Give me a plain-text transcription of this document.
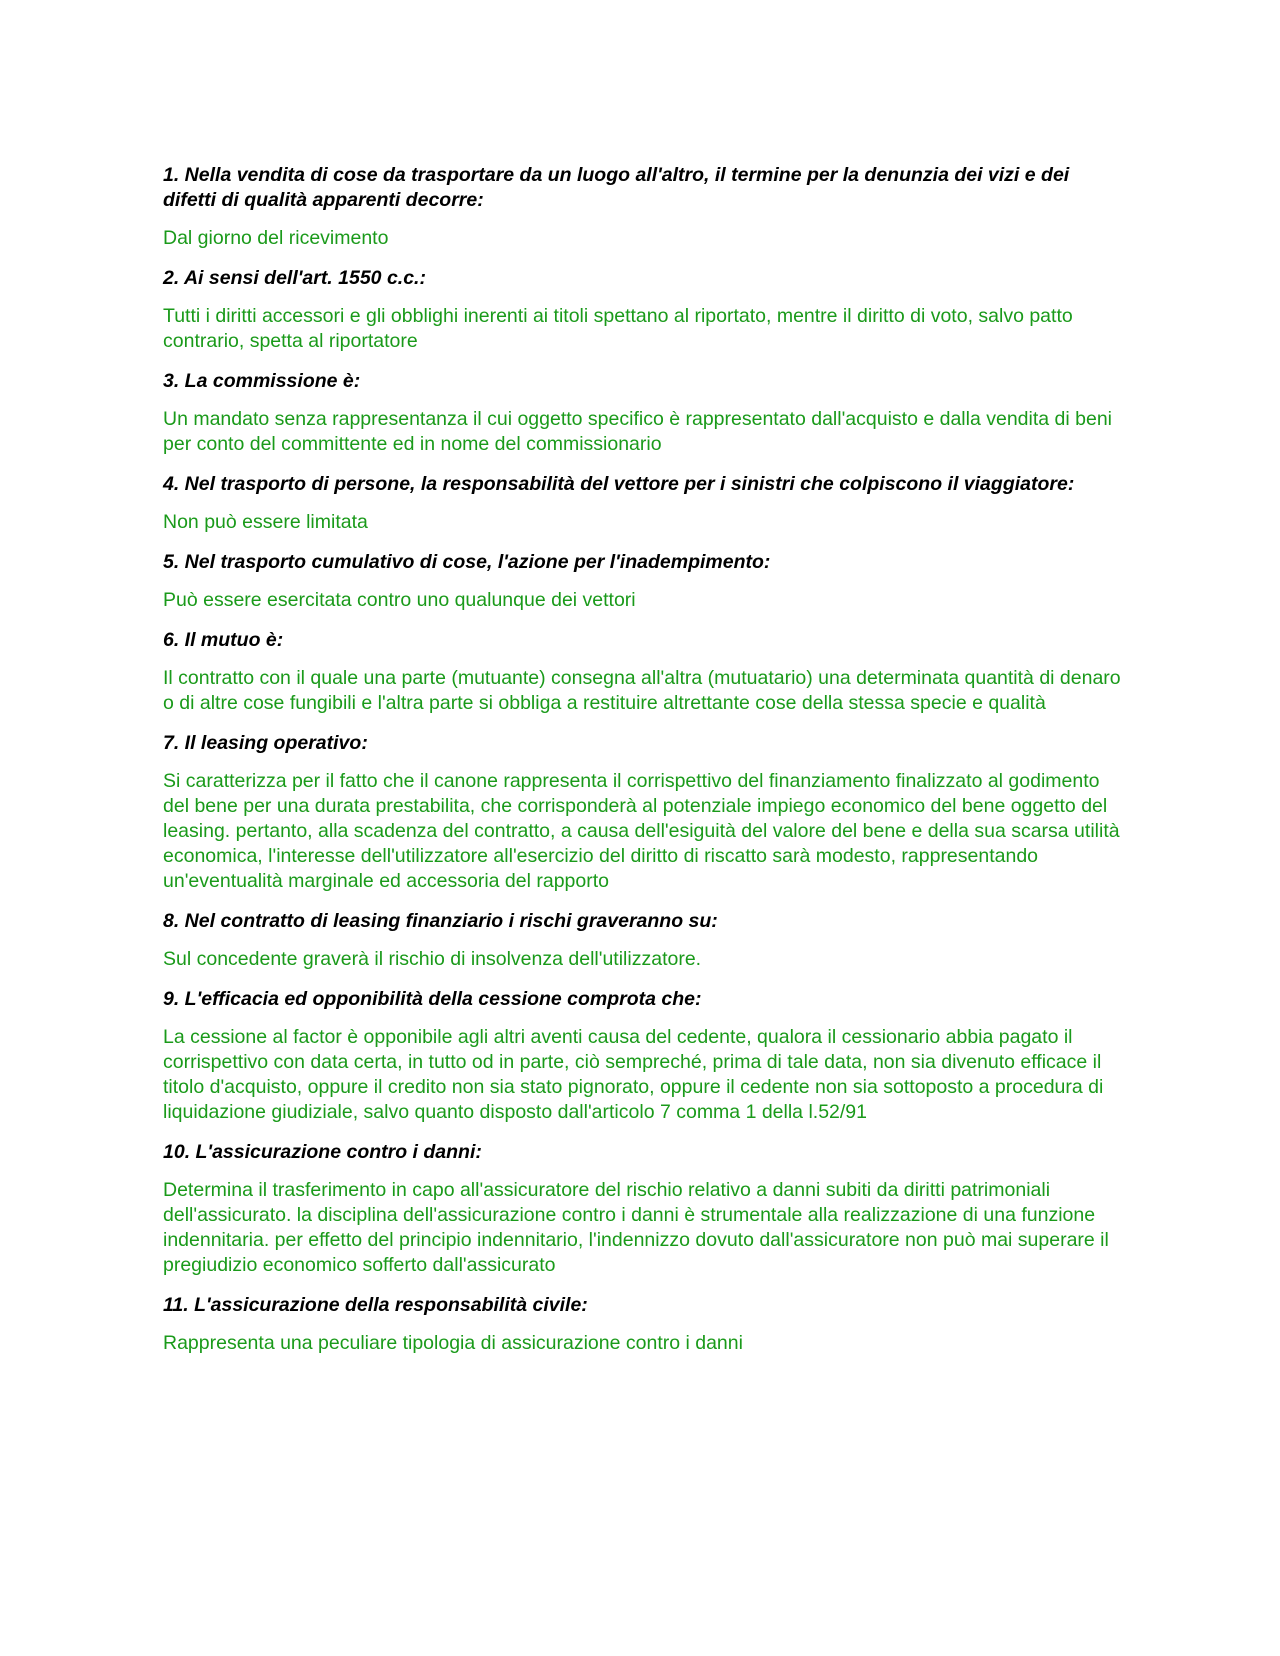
1. Nella vendita di cose da trasportare da un luogo all'altro, il termine per la denunzia dei vizi e dei difetti di qualità apparenti decorre:

Dal giorno del ricevimento

2. Ai sensi dell'art. 1550 c.c.:

Tutti i diritti accessori e gli obblighi inerenti ai titoli spettano al riportato, mentre il diritto di voto, salvo patto contrario, spetta al riportatore

3. La commissione è:

Un mandato senza rappresentanza il cui oggetto specifico è rappresentato dall'acquisto e dalla vendita di beni per conto del committente ed in nome del commissionario

4. Nel trasporto di persone, la responsabilità del vettore per i sinistri che colpiscono il viaggiatore:

Non può essere limitata

5. Nel trasporto cumulativo di cose, l'azione per l'inadempimento:

Può essere esercitata contro uno qualunque dei vettori

6. Il mutuo è:

Il contratto con il quale una parte (mutuante) consegna all'altra (mutuatario) una determinata quantità di denaro o di altre cose fungibili e l'altra parte si obbliga a restituire altrettante cose della stessa specie e qualità

7. Il leasing operativo:

Si caratterizza per il fatto che il canone rappresenta il corrispettivo del finanziamento finalizzato al godimento del bene per una durata prestabilita, che corrisponderà al potenziale impiego economico del bene oggetto del leasing. pertanto, alla scadenza del contratto, a causa dell'esiguità del valore del bene e della sua scarsa utilità economica, l'interesse dell'utilizzatore all'esercizio del diritto di riscatto sarà modesto, rappresentando un'eventualità marginale ed accessoria del rapporto

8. Nel contratto di leasing finanziario i rischi graveranno su:

Sul concedente graverà il rischio di insolvenza dell'utilizzatore.

9. L'efficacia ed opponibilità della cessione comprota che:

La cessione al factor è opponibile agli altri aventi causa del cedente, qualora il cessionario abbia pagato il corrispettivo con data certa, in tutto od in parte, ciò sempreché, prima di tale data, non sia divenuto efficace il titolo d'acquisto, oppure il credito non sia stato pignorato, oppure il cedente non sia sottoposto a procedura di liquidazione giudiziale, salvo quanto disposto dall'articolo 7 comma 1 della l.52/91

10. L'assicurazione contro i danni:

Determina il trasferimento in capo all'assicuratore del rischio relativo a danni subiti da diritti patrimoniali dell'assicurato. la disciplina dell'assicurazione contro i danni è strumentale alla realizzazione di una funzione indennitaria. per effetto del principio indennitario, l'indennizzo dovuto dall'assicuratore non può mai superare il pregiudizio economico sofferto dall'assicurato

11. L'assicurazione della responsabilità civile:

Rappresenta una peculiare tipologia di assicurazione contro i danni
